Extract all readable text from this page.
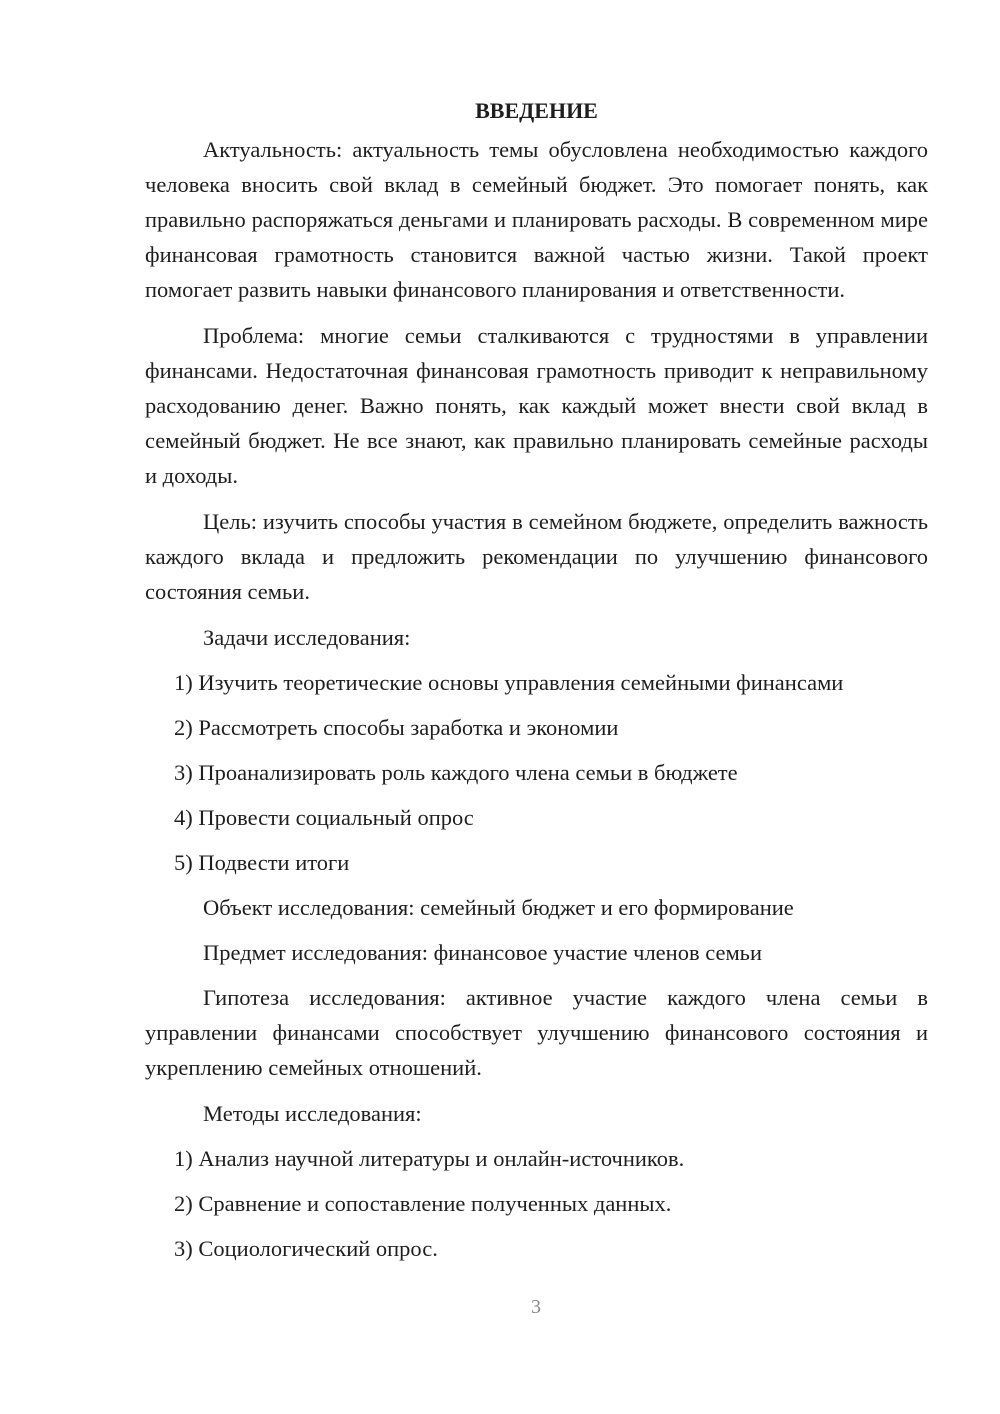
ВВЕДЕНИЕ

Актуальность: актуальность темы обусловлена необходимостью каждого человека вносить свой вклад в семейный бюджет. Это помогает понять, как правильно распоряжаться деньгами и планировать расходы. В современном мире финансовая грамотность становится важной частью жизни. Такой проект помогает развить навыки финансового планирования и ответственности.

Проблема: многие семьи сталкиваются с трудностями в управлении финансами. Недостаточная финансовая грамотность приводит к неправильному расходованию денег. Важно понять, как каждый может внести свой вклад в семейный бюджет. Не все знают, как правильно планировать семейные расходы и доходы.

Цель: изучить способы участия в семейном бюджете, определить важность каждого вклада и предложить рекомендации по улучшению финансового состояния семьи.

Задачи исследования:

1) Изучить теоретические основы управления семейными финансами

2) Рассмотреть способы заработка и экономии

3) Проанализировать роль каждого члена семьи в бюджете

4) Провести социальный опрос

5) Подвести итоги

Объект исследования: семейный бюджет и его формирование

Предмет исследования: финансовое участие членов семьи

Гипотеза исследования: активное участие каждого члена семьи в управлении финансами способствует улучшению финансового состояния и укреплению семейных отношений.

Методы исследования:

1) Анализ научной литературы и онлайн-источников.

2) Сравнение и сопоставление полученных данных.

3) Социологический опрос.

3
